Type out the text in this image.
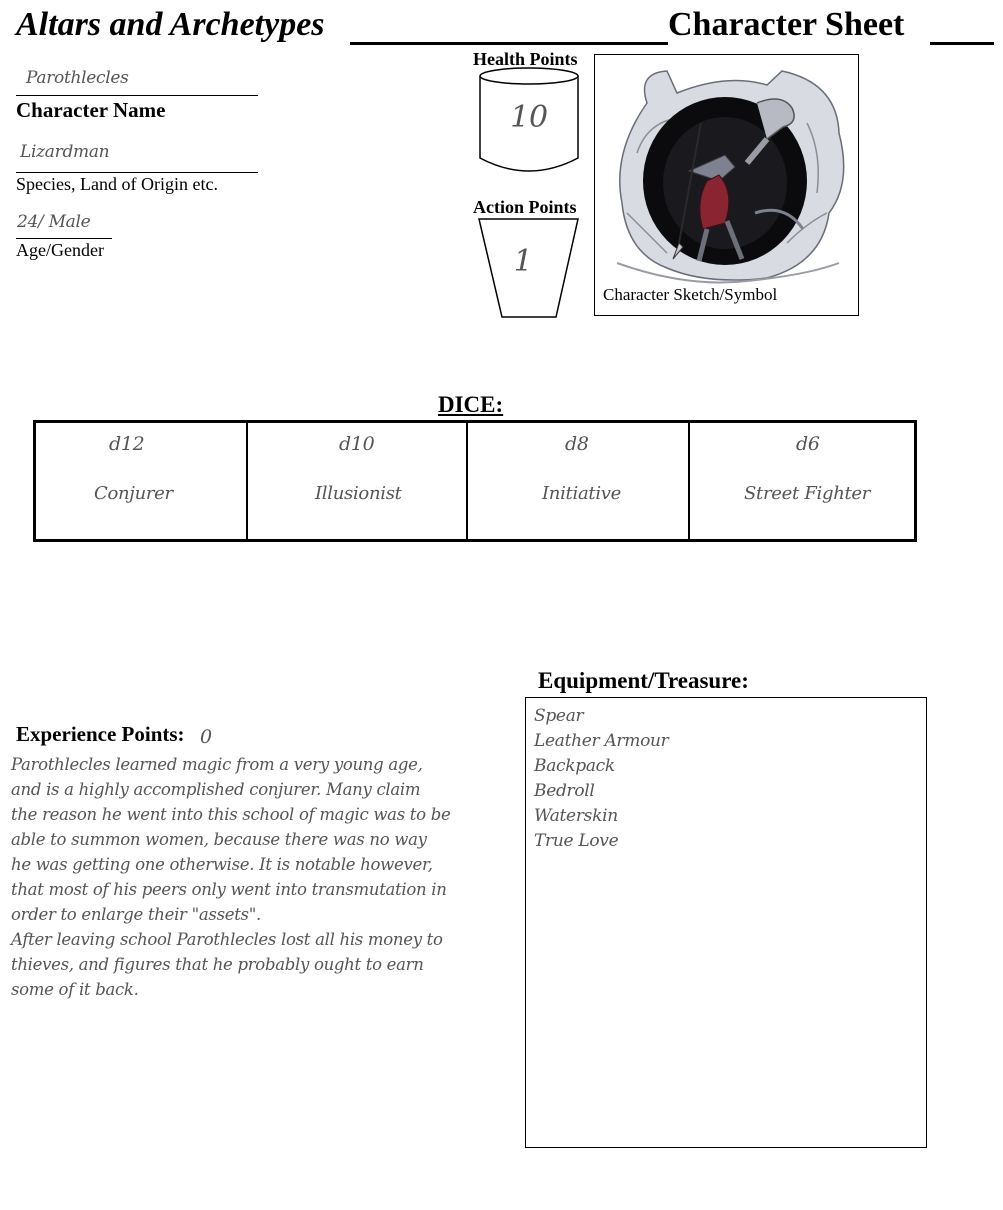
Altars and Archetypes	Character Sheet
Parothlecles
Character Name
Lizardman
Species, Land of Origin etc.
24/ Male
Age/Gender
Health Points
10
Action Points
1
Character Sketch/Symbol
DICE:
d12
Conjurer
d10
Illusionist
d8
Initiative
d6
Street Fighter
Experience Points: 0

Parothlecles learned magic from a very young age, and is a highly accomplished conjurer. Many claim the reason he went into this school of magic was to be able to summon women, because there was no way he was getting one otherwise. It is notable however, that most of his peers only went into transmutation in order to enlarge their "assets".

After leaving school Parothlecles lost all his money to thieves, and figures that he probably ought to earn some of it back.

Equipment/Treasure:
Spear
Leather Armour
Backpack
Bedroll
Waterskin
True Love
